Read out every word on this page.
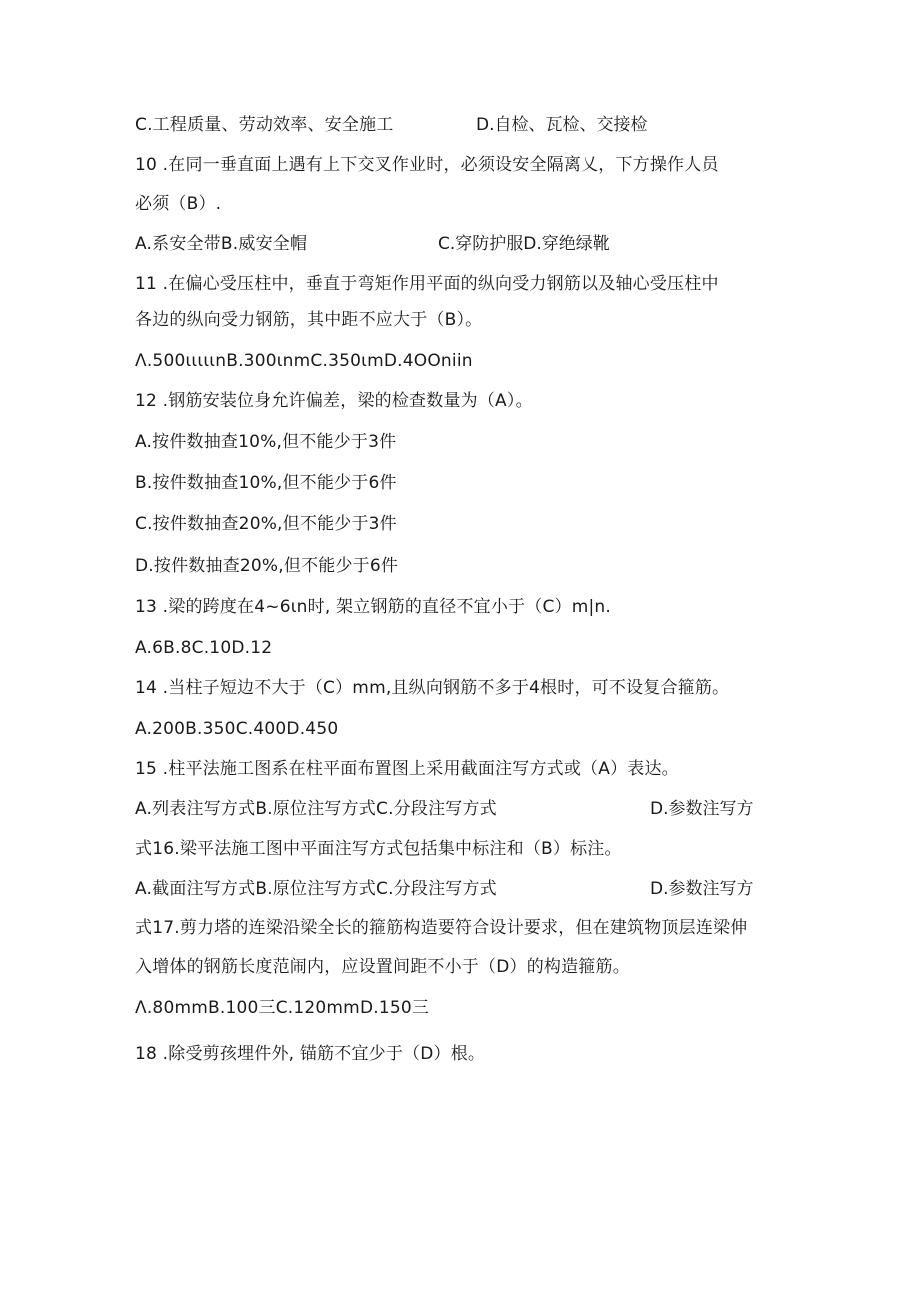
C.工程质量、劳动效率、安全施工	D.自检、瓦检、交接检
10 .在同一垂直面上遇有上下交叉作业时，必须设安全隔离乂，下方操作人员
必须（B）.
A.系安全带B.威安全帽	C.穿防护服D.穿绝绿靴
11 .在偏心受压柱中，垂直于弯矩作用平面的纵向受力钢筋以及轴心受压柱中
各边的纵向受力钢筋，其中距不应大于（B）。
Λ.500ιιιιιnB.300ιnmC.350ιmD.4OOniin
12 .钢筋安装位身允许偏差，梁的检查数量为（A）。
A.按件数抽查10%,但不能少于3件
B.按件数抽查10%,但不能少于6件
C.按件数抽查20%,但不能少于3件
D.按件数抽查20%,但不能少于6件
13 .梁的跨度在4~6ιn时, 架立钢筋的直径不宜小于（C）m|n.
A.6B.8C.10D.12
14 .当柱子短边不大于（C）mm,且纵向钢筋不多于4根时，可不设复合箍筋。
A.200B.350C.400D.450
15 .柱平法施工图系在柱平面布置图上采用截面注写方式或（A）表达。
A.列表注写方式B.原位注写方式C.分段注写方式	D.参数注写方
式16.梁平法施工图中平面注写方式包括集中标注和（B）标注。
A.截面注写方式B.原位注写方式C.分段注写方式	D.参数注写方
式17.剪力塔的连梁沿梁全长的箍筋构造要符合设计要求，但在建筑物顶层连梁伸
入增体的钢筋长度范闹内，应设置间距不小于（D）的构造箍筋。
Λ.80mmB.100三C.120mmD.150三
18 .除受剪孩埋件外, 锚筋不宜少于（D）根。
